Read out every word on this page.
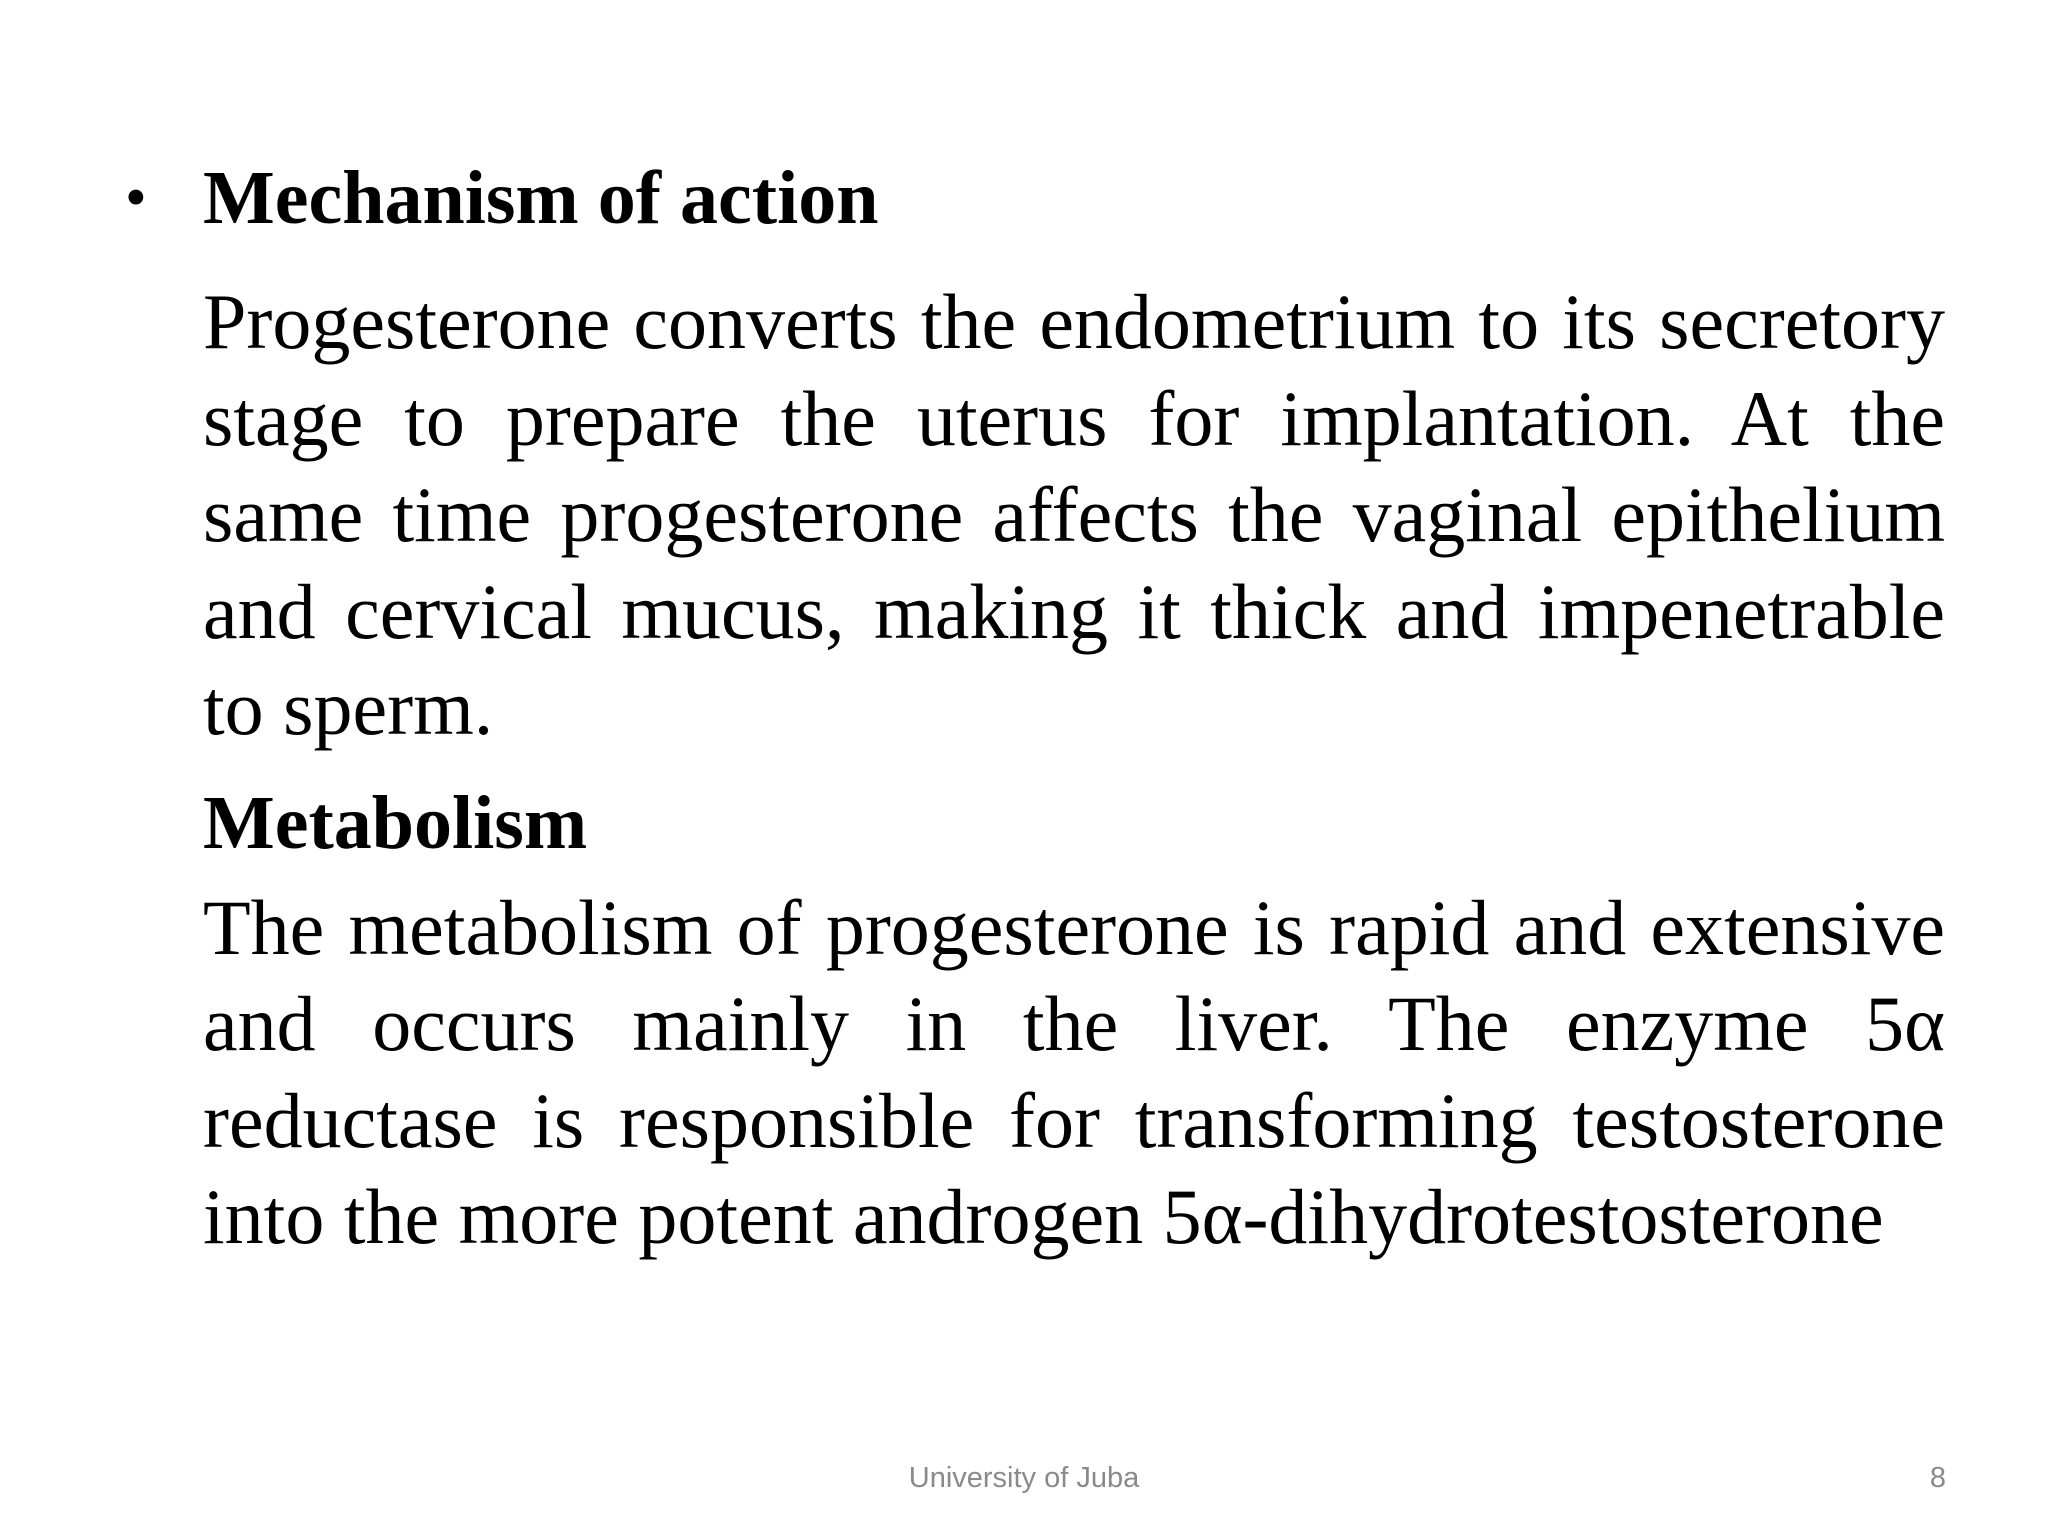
• Mechanism of action

Progesterone converts the endometrium to its secretory stage to prepare the uterus for implantation. At the same time progesterone affects the vaginal epithelium and cervical mucus, making it thick and impenetrable to sperm.

Metabolism

The metabolism of progesterone is rapid and extensive and occurs mainly in the liver. The enzyme 5α reductase is responsible for transforming testosterone into the more potent androgen 5α-dihydrotestosterone

University of Juba	8
